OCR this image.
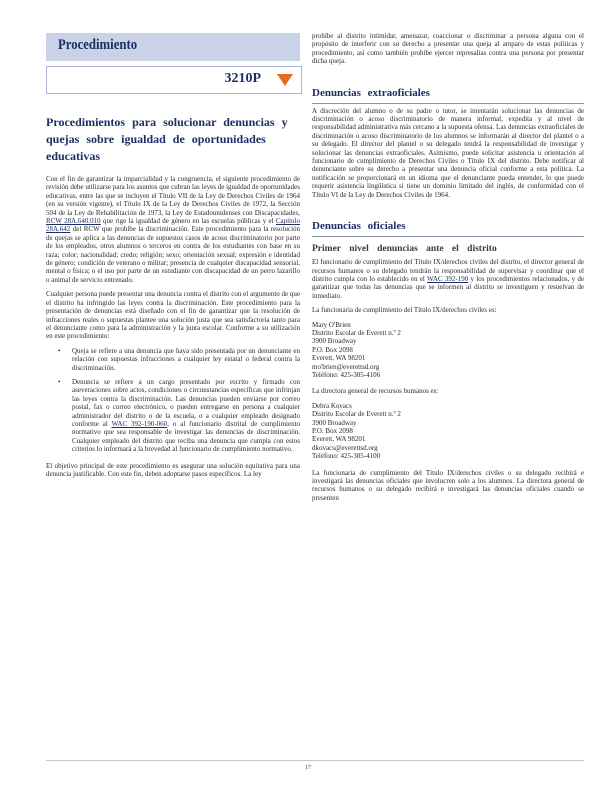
Procedimiento
3210P
Procedimientos para solucionar denuncias y quejas sobre igualdad de oportunidades educativas

Con el fin de garantizar la imparcialidad y la congruencia, el siguiente procedimiento de revisión debe utilizarse para los asuntos que cubran las leyes de igualdad de oportunidades educativas, entre las que se incluyen el Título VII de la Ley de Derechos Civiles de 1964 (en su versión vigente), el Título IX de la Ley de Derechos Civiles de 1972, la Sección 504 de la Ley de Rehabilitación de 1973, la Ley de Estadounidenses con Discapacidades, RCW 28A.640.010 que rige la igualdad de género en las escuelas públicas y el Capítulo 28A.642 del RCW que prohíbe la discriminación. Este procedimiento para la resolución de quejas se aplica a las denuncias de supuestos casos de acoso discriminatorio por parte de los empleados, otros alumnos o terceros en contra de los estudiantes con base en su raza; color; nacionalidad; credo; religión; sexo; orientación sexual; expresión e identidad de género; condición de veterano o militar; presencia de cualquier discapacidad sensorial, mental o física; o el uso por parte de un estudiante con discapacidad de un perro lazarillo o animal de servicio entrenado.

Cualquier persona puede presentar una denuncia contra el distrito con el argumento de que el distrito ha infringido las leyes contra la discriminación. Este procedimiento para la presentación de denuncias está diseñado con el fin de garantizar que la resolución de infracciones reales o supuestas plantee una solución justa que sea satisfactoria tanto para el denunciante como para la administración y la junta escolar. Conforme a su utilización en este procedimiento:

• Queja se refiere a una denuncia que haya sido presentada por un denunciante en relación con supuestas infracciones a cualquier ley estatal o federal contra la discriminación.
• Denuncia se refiere a un cargo presentado por escrito y firmado con aseveraciones sobre actos, condiciones o circunstancias específicas que infrinjan las leyes contra la discriminación. Las denuncias pueden enviarse por correo postal, fax o correo electrónico, o pueden entregarse en persona a cualquier administrador del distrito o de la escuela, o a cualquier empleado designado conforme al WAC 392-190-060, o al funcionario distrital de cumplimiento normativo que sea responsable de investigar las denuncias de discriminación. Cualquier empleado del distrito que reciba una denuncia que cumpla con estos criterios lo informará a la brevedad al funcionario de cumplimiento normativo.

El objetivo principal de este procedimiento es asegurar una solución equitativa para una denuncia justificable. Con este fin, deben adoptarse pasos específicos. La ley

prohíbe al distrito intimidar, amenazar, coaccionar o discriminar a persona alguna con el propósito de interferir con su derecho a presentar una queja al amparo de estas políticas y procedimiento, así como también prohíbe ejercer represalias contra una persona por presentar dicha queja.

Denuncias extraoficiales

A discreción del alumno o de su padre o tutor, se intentarán solucionar las denuncias de discriminación o acoso discriminatorio de manera informal, expedita y al nivel de responsabilidad administrativa más cercano a la supuesta ofensa. Las denuncias extraoficiales de discriminación o acoso discriminatorio de los alumnos se informarán al director del plantel o a su delegado. El director del plantel o su delegado tendrá la responsabilidad de investigar y solucionar las denuncias extraoficiales. Asimismo, puede solicitar asistencia u orientación al funcionario de cumplimiento de Derechos Civiles o Título IX del distrito. Debe notificar al denunciante sobre su derecho a presentar una denuncia oficial conforme a esta política. La notificación se proporcionará en un idioma que el denunciante pueda entender, lo que puede requerir asistencia lingüística si tiene un dominio limitado del inglés, de conformidad con el Título VI de la Ley de Derechos Civiles de 1964.

Denuncias oficiales
Primer nivel denuncias ante el distrito

El funcionario de cumplimiento del Título IX/derechos civiles del distrito, el director general de recursos humanos o su delegado tendrán la responsabilidad de supervisar y coordinar que el distrito cumpla con lo establecido en el WAC 392-190 y los procedimientos relacionados, y de garantizar que todas las denuncias que se informen al distrito se investiguen y resuelvan de inmediato.

La funcionaria de cumplimiento del Título IX/derechos civiles es:

Mary O'Brien

Distrito Escolar de Everett n.º 2

3900 Broadway

P.O. Box 2098

Everett, WA 98201

mo'brien@everettsd.org

Teléfono: 425-385-4106

La directora general de recursos humanos es:

Debra Kovacs

Distrito Escolar de Everett n.º 2

3900 Broadway

P.O. Box 2098

Everett, WA 98201

dkovacs@everettsd.org

Teléfono: 425-385-4100

La funcionaria de cumplimiento del Título IX/derechos civiles o su delegado recibirá e investigará las denuncias oficiales que involucren solo a los alumnos. La directora general de recursos humanos o su delegado recibirá e investigará las denuncias oficiales cuando se presenten

17
